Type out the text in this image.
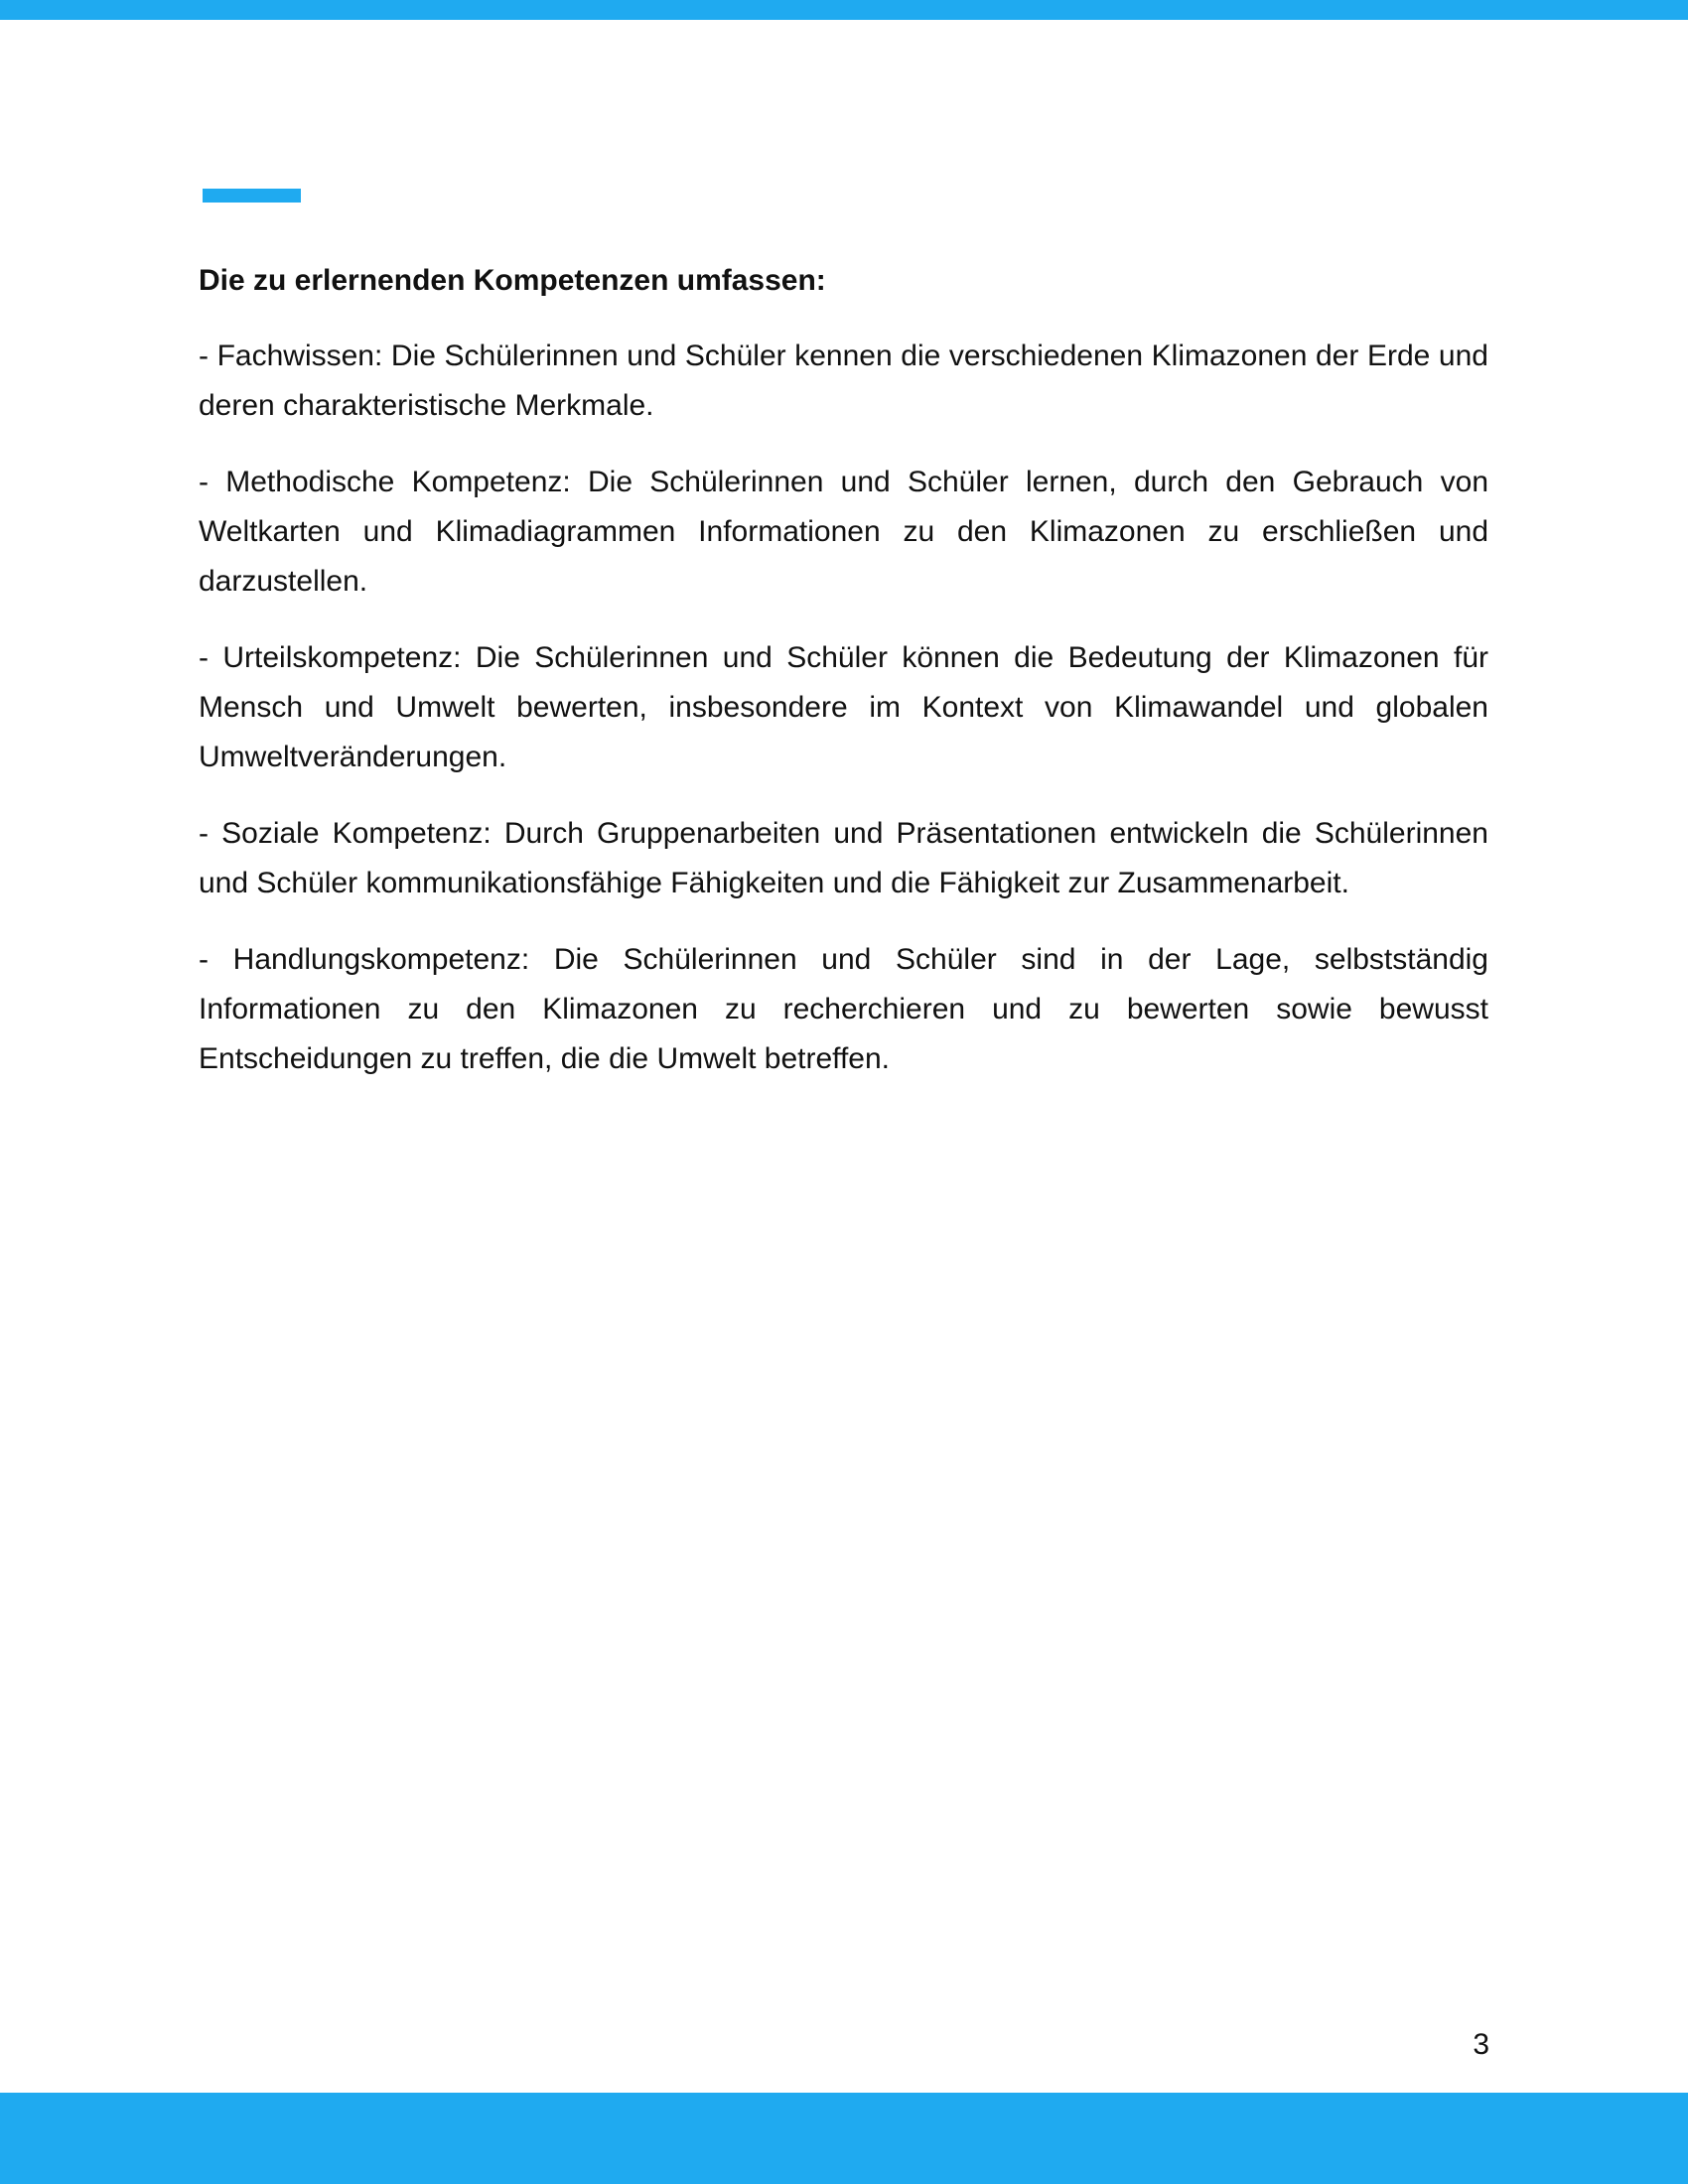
Die zu erlernenden Kompetenzen umfassen:

- Fachwissen: Die Schülerinnen und Schüler kennen die verschiedenen Klimazonen der Erde und deren charakteristische Merkmale.

- Methodische Kompetenz: Die Schülerinnen und Schüler lernen, durch den Gebrauch von Weltkarten und Klimadiagrammen Informationen zu den Klimazonen zu erschließen und darzustellen.

- Urteilskompetenz: Die Schülerinnen und Schüler können die Bedeutung der Klimazonen für Mensch und Umwelt bewerten, insbesondere im Kontext von Klimawandel und globalen Umweltveränderungen.

- Soziale Kompetenz: Durch Gruppenarbeiten und Präsentationen entwickeln die Schülerinnen und Schüler kommunikationsfähige Fähigkeiten und die Fähigkeit zur Zusammenarbeit.

- Handlungskompetenz: Die Schülerinnen und Schüler sind in der Lage, selbstständig Informationen zu den Klimazonen zu recherchieren und zu bewerten sowie bewusst Entscheidungen zu treffen, die die Umwelt betreffen.

3
